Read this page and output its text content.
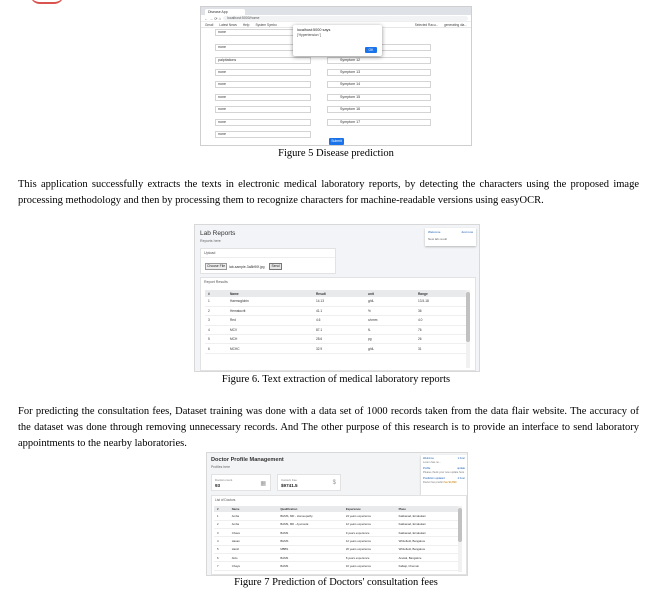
Disease App
← → ⟳ ⌂	localhost:5000/home
Gmail Latest News Help System Symbo	Selected Racu... generating dia...
none
none
palpitations	Symptom 12
none	Symptom 13
none	Symptom 14
none	Symptom 15
none	Symptom 16
none	Symptom 17
none
localhost:5000 says
['Hypertension ']
OK
Submit
Figure 5 Disease prediction
This application successfully extracts the texts in electronic medical laboratory reports, by detecting the characters using the proposed image processing methodology and then by processing them to recognize characters for machine-readable versions using easyOCR.
Lab Reports
Reports here
Welcome	Just now
New lab result
Upload
Choose File	lab-sample-3a8b90f.jpg	Send
Report Results
#	Name	Result	unit	Range
1	Haemoglobin	14.13	g/dL	13.5-18
2	Hematocrit	41.1	%	36
3	Red	4.6	x/cmm	4.0
4	MCV	87.1	fL	76
5	MCH	28.6	pg	26
6	MCHC	32.9	g/dL	31
Figure 6. Text extraction of medical laboratory reports
For predicting the consultation fees, Dataset training was done with a data set of 1000 records taken from the data flair website. The accuracy of the dataset was done through removing unnecessary records. And The other purpose of this research is to provide an interface to send laboratory appointments to the nearby laboratories.
Doctor Profile Management
Profiles here
Doctors count
93	▦
Consult. Fee
$9741.5	$
Welcome	1 hour
Lorem has no...
Profile	update
Please check your new update here
Prediction updated	2 hour
Doctor fee predict fee $4,890
List of Doctors
#	Name	Qualification	Experience	Place
1	Amba	BHMS, MD - Homeopathy	24 years experience	Kakkanad, Ernakulam
2	Amba	BAMS, MD - Ayurveda	12 years experience	Kakkanad, Ernakulam
3	Chava	BAMS	9 years experience	Kakkanad, Ernakulam
4	Hasan	BHMS	12 years experience	Whitefield, Bangalore
5	Harsh	MBBS	20 years experience	Whitefield, Bangalore
6	Aldo	BAMS	8 years experience	Anekal, Bangalore
7	Chaya	BAMS	10 years experience	Kalkaji, Chennai
Figure 7 Prediction of Doctors' consultation fees
